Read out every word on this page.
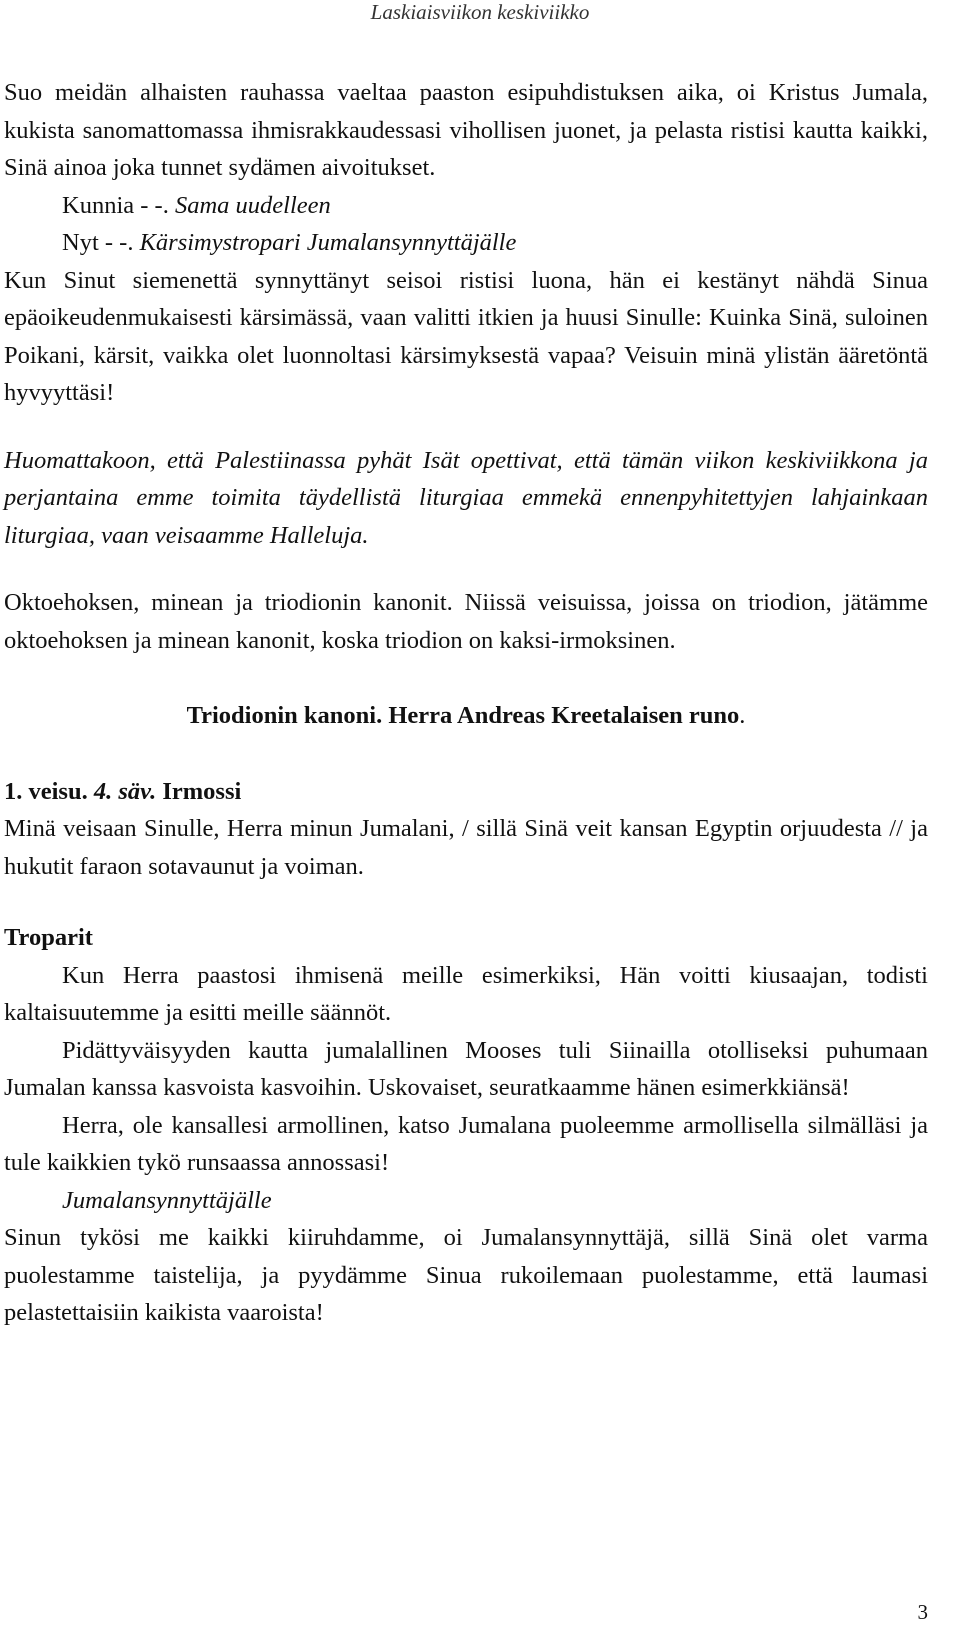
Laskiaisviikon keskiviikko

Suo meidän alhaisten rauhassa vaeltaa paaston esipuhdistuksen aika, oi Kristus Jumala, kukista sanomattomassa ihmisrakkaudessasi vihollisen juonet, ja pelasta ristisi kautta kaikki, Sinä ainoa joka tunnet sydämen aivoitukset.

Kunnia - -. Sama uudelleen

Nyt - -. Kärsimystropari Jumalansynnyttäjälle

Kun Sinut siemenettä synnyttänyt seisoi ristisi luona, hän ei kestänyt nähdä Sinua epäoikeudenmukaisesti kärsimässä, vaan valitti itkien ja huusi Sinulle: Kuinka Sinä, suloinen Poikani, kärsit, vaikka olet luonnoltasi kärsimyksestä vapaa? Veisuin minä ylistän ääretöntä hyvyyttäsi!

Huomattakoon, että Palestiinassa pyhät Isät opettivat, että tämän viikon keskiviikkona ja perjantaina emme toimita täydellistä liturgiaa emmekä ennenpyhitettyjen lahjainkaan liturgiaa, vaan veisaamme Halleluja.

Oktoehoksen, minean ja triodionin kanonit. Niissä veisuissa, joissa on triodion, jätämme oktoehoksen ja minean kanonit, koska triodion on kaksi-irmoksinen.

Triodionin kanoni. Herra Andreas Kreetalaisen runo.

1. veisu. 4. säv. Irmossi

Minä veisaan Sinulle, Herra minun Jumalani, / sillä Sinä veit kansan Egyptin orjuudesta // ja hukutit faraon sotavaunut ja voiman.

Troparit

Kun Herra paastosi ihmisenä meille esimerkiksi, Hän voitti kiusaajan, todisti kaltaisuutemme ja esitti meille säännöt.

Pidättyväisyyden kautta jumalallinen Mooses tuli Siinailla otolliseksi puhumaan Jumalan kanssa kasvoista kasvoihin. Uskovaiset, seuratkaamme hänen esimerkkiänsä!

Herra, ole kansallesi armollinen, katso Jumalana puoleemme armollisella silmälläsi ja tule kaikkien tykö runsaassa annossasi!

Jumalansynnyttäjälle

Sinun tykösi me kaikki kiiruhdamme, oi Jumalansynnyttäjä, sillä Sinä olet varma puolestamme taistelija, ja pyydämme Sinua rukoilemaan puolestamme, että laumasi pelastettaisiin kaikista vaaroista!

3
